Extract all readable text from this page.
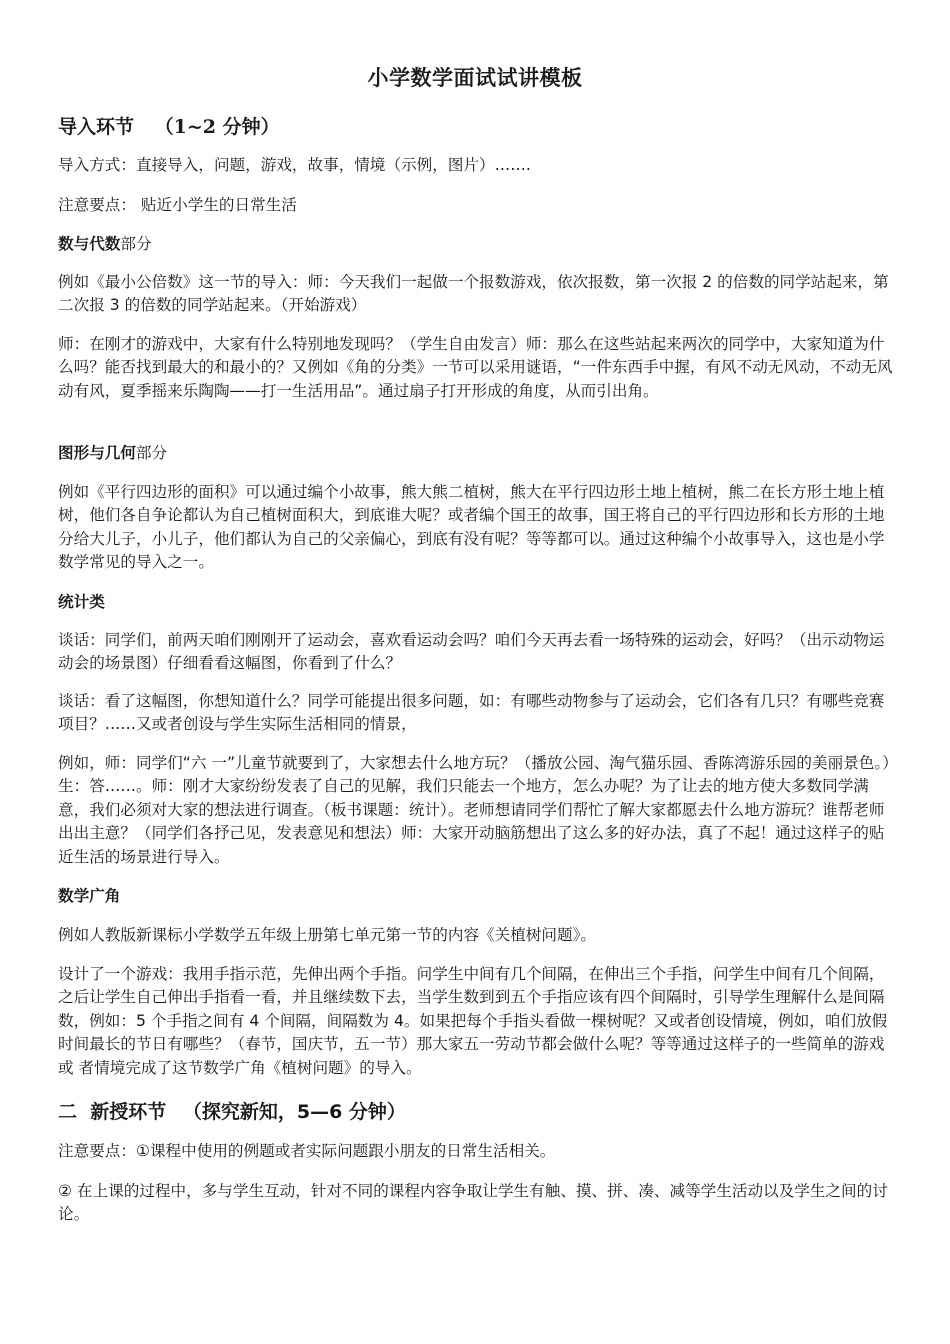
小学数学面试试讲模板
导入环节 （1~2 分钟）
导入方式：直接导入，问题，游戏，故事，情境（示例，图片）…….
注意要点： 贴近小学生的日常生活
数与代数部分
例如《最小公倍数》这一节的导入：师：今天我们一起做一个报数游戏，依次报数，第一次报 2 的倍数的同学站起来，第二次报 3 的倍数的同学站起来。（开始游戏）
师：在刚才的游戏中，大家有什么特别地发现吗？（学生自由发言）师：那么在这些站起来两次的同学中，大家知道为什么吗？能否找到最大的和最小的？又例如《角的分类》一节可以采用谜语，“一件东西手中握，有风不动无风动，不动无风动有风，夏季摇来乐陶陶——打一生活用品”。通过扇子打开形成的角度，从而引出角。
图形与几何部分
例如《平行四边形的面积》可以通过编个小故事，熊大熊二植树，熊大在平行四边形土地上植树，熊二在长方形土地上植树，他们各自争论都认为自己植树面积大，到底谁大呢？或者编个国王的故事，国王将自己的平行四边形和长方形的土地分给大儿子，小儿子，他们都认为自己的父亲偏心，到底有没有呢？等等都可以。通过这种编个小故事导入，这也是小学数学常见的导入之一。
统计类
谈话：同学们，前两天咱们刚刚开了运动会，喜欢看运动会吗？咱们今天再去看一场特殊的运动会，好吗？（出示动物运动会的场景图）仔细看看这幅图，你看到了什么？
谈话：看了这幅图，你想知道什么？同学可能提出很多问题，如：有哪些动物参与了运动会，它们各有几只？有哪些竞赛项目？……又或者创设与学生实际生活相同的情景，
例如，师：同学们“六 一”儿童节就要到了，大家想去什么地方玩？（播放公园、淘气猫乐园、香陈湾游乐园的美丽景色。）生：答……。师：刚才大家纷纷发表了自己的见解，我们只能去一个地方，怎么办呢？为了让去的地方使大多数同学满意，我们必须对大家的想法进行调查。（板书课题：统计）。老师想请同学们帮忙了解大家都愿去什么地方游玩？谁帮老师出出主意？（同学们各抒己见，发表意见和想法）师：大家开动脑筋想出了这么多的好办法，真了不起！通过这样子的贴近生活的场景进行导入。
数学广角
例如人教版新课标小学数学五年级上册第七单元第一节的内容《关植树问题》。
设计了一个游戏：我用手指示范，先伸出两个手指。问学生中间有几个间隔，在伸出三个手指，问学生中间有几个间隔，之后让学生自己伸出手指看一看，并且继续数下去，当学生数到到五个手指应该有四个间隔时，引导学生理解什么是间隔数，例如：5 个手指之间有 4 个间隔，间隔数为 4。如果把每个手指头看做一棵树呢？又或者创设情境，例如，咱们放假时间最长的节日有哪些？（春节，国庆节，五一节）那大家五一劳动节都会做什么呢？等等通过这样子的一些简单的游戏或 者情境完成了这节数学广角《植树问题》的导入。
二  新授环节 （探究新知，5—6 分钟）
注意要点：①课程中使用的例题或者实际问题跟小朋友的日常生活相关。
② 在上课的过程中，多与学生互动，针对不同的课程内容争取让学生有触、摸、拼、凑、减等学生活动以及学生之间的讨论。
